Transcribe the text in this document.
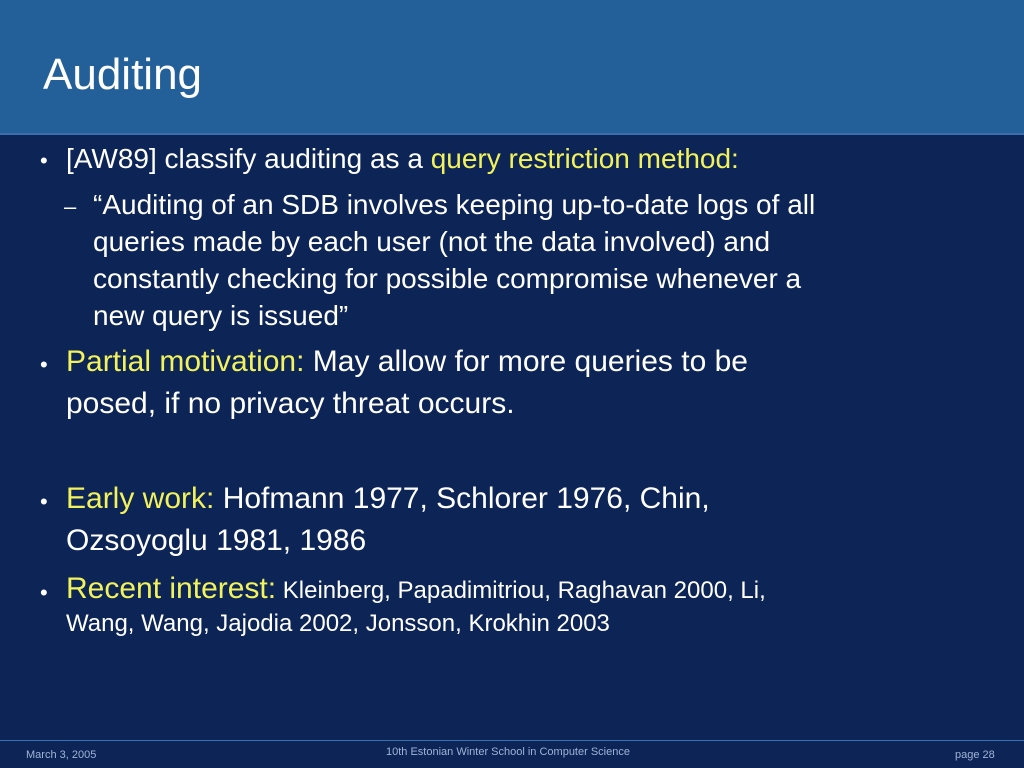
Auditing
• [AW89] classify auditing as a query restriction method:
– “Auditing of an SDB involves keeping up-to-date logs of all
queries made by each user (not the data involved) and
constantly checking for possible compromise whenever a
new query is issued”
• Partial motivation: May allow for more queries to be
posed, if no privacy threat occurs.
• Early work: Hofmann 1977, Schlorer 1976, Chin,
Ozsoyoglu 1981, 1986
• Recent interest: Kleinberg, Papadimitriou, Raghavan 2000, Li,
Wang, Wang, Jajodia 2002, Jonsson, Krokhin 2003
March 3, 2005	10th Estonian Winter School in Computer Science	page 28
